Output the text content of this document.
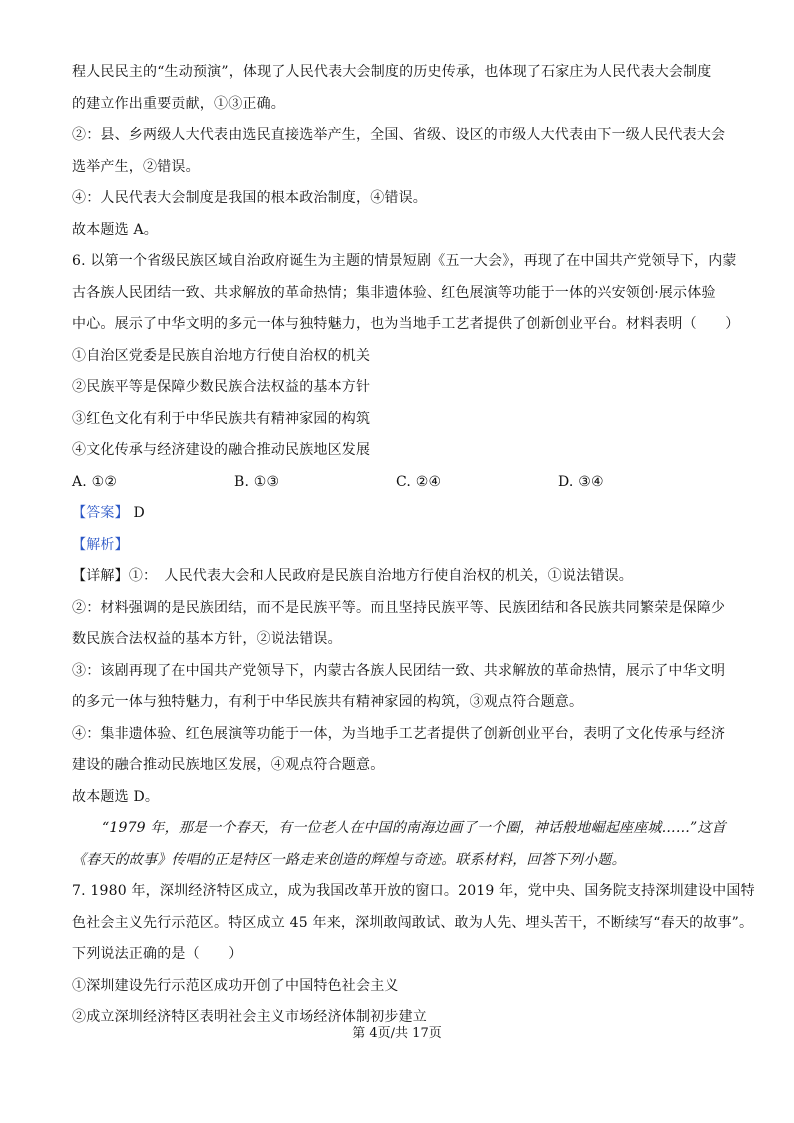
程人民民主的“生动预演”，体现了人民代表大会制度的历史传承，也体现了石家庄为人民代表大会制度
的建立作出重要贡献，①③正确。
②：县、乡两级人大代表由选民直接选举产生，全国、省级、设区的市级人大代表由下一级人民代表大会
选举产生，②错误。
④：人民代表大会制度是我国的根本政治制度，④错误。
故本题选 A。
6. 以第一个省级民族区域自治政府诞生为主题的情景短剧《五一大会》，再现了在中国共产党领导下，内蒙
古各族人民团结一致、共求解放的革命热情；集非遗体验、红色展演等功能于一体的兴安领创·展示体验
中心。展示了中华文明的多元一体与独特魅力，也为当地手工艺者提供了创新创业平台。材料表明（　　）
①自治区党委是民族自治地方行使自治权的机关
②民族平等是保障少数民族合法权益的基本方针
③红色文化有利于中华民族共有精神家园的构筑
④文化传承与经济建设的融合推动民族地区发展
A. ①②	B. ①③	C. ②④	D. ③④
【答案】 D
【解析】
【详解】①：　人民代表大会和人民政府是民族自治地方行使自治权的机关，①说法错误。
②：材料强调的是民族团结，而不是民族平等。而且坚持民族平等、民族团结和各民族共同繁荣是保障少
数民族合法权益的基本方针，②说法错误。
③：该剧再现了在中国共产党领导下，内蒙古各族人民团结一致、共求解放的革命热情，展示了中华文明
的多元一体与独特魅力，有利于中华民族共有精神家园的构筑，③观点符合题意。
④：集非遗体验、红色展演等功能于一体，为当地手工艺者提供了创新创业平台，表明了文化传承与经济
建设的融合推动民族地区发展，④观点符合题意。
故本题选 D。
“1979 年，那是一个春天，有一位老人在中国的南海边画了一个圈，神话般地崛起座座城……”这首
《春天的故事》传唱的正是特区一路走来创造的辉煌与奇迹。联系材料，回答下列小题。
7. 1980 年，深圳经济特区成立，成为我国改革开放的窗口。2019 年，党中央、国务院支持深圳建设中国特
色社会主义先行示范区。特区成立 45 年来，深圳敢闯敢试、敢为人先、埋头苦干，不断续写“春天的故事”。
下列说法正确的是（　　）
①深圳建设先行示范区成功开创了中国特色社会主义
②成立深圳经济特区表明社会主义市场经济体制初步建立
第 4页/共 17页
